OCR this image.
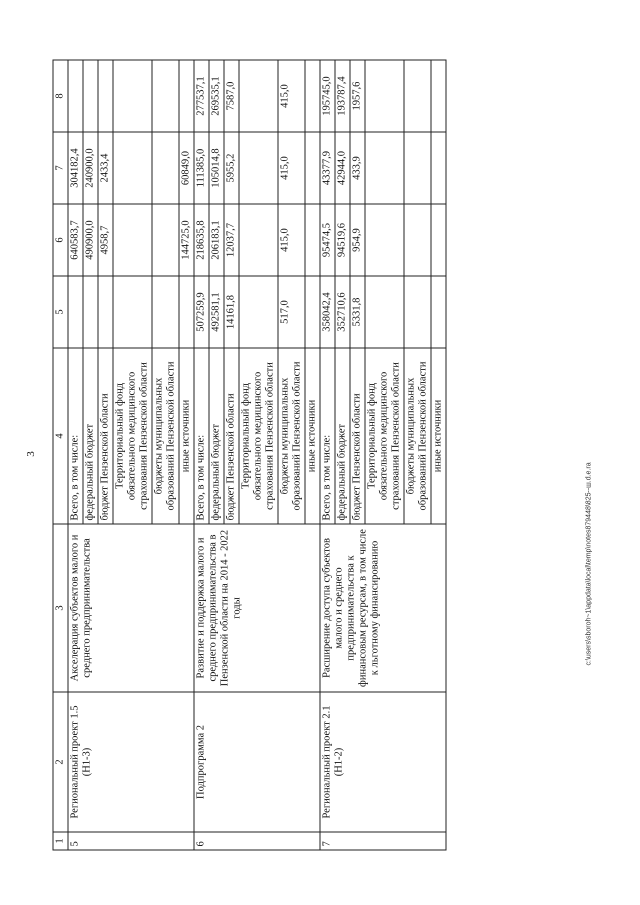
3
1	2	3	4	5	6	7	8
5	Региональный проект 1.5 (Н1-3)	Акселерация субъектов малого и среднего предпринимательства	Всего, в том числе:		640583,7	304182,4	
			федеральный бюджет		490900,0	240900,0	
			бюджет Пензенской области		4958,7	2433,4	
			Территориальный фонд обязательного медицинского страхования Пензенской области				
			бюджеты муниципальных образований Пензенской области				
			иные источники		144725,0	60849,0	
6	Подпрограмма 2	Развитие и поддержка малого и среднего предпринимательства в Пензенской области на 2014 - 2022 годы	Всего, в том числе:	507259,9	218635,8	111385,0	277537,1
			федеральный бюджет	492581,1	206183,1	105014,8	269535,1
			бюджет Пензенской области	14161,8	12037,7	5955,2	7587,0
			Территориальный фонд обязательного медицинского страхования Пензенской области				
			бюджеты муниципальных образований Пензенской области	517,0	415,0	415,0	415,0
			иные источники				
7	Региональный проект 2.1 (Н1-2)	Расширение доступа субъектов малого и среднего предпринимательства к финансовым ресурсам, в том числе к льготному финансированию	Всего, в том числе:	358042,4	95474,5	43377,9	195745,0
			федеральный бюджет	352710,6	94519,6	42944,0	193787,4
			бюджет Пензенской области	5331,8	954,9	433,9	1957,6
			Территориальный фонд обязательного медицинского страхования Пензенской области				
			бюджеты муниципальных образований Пензенской области				
			иные источники				
c:\users\sboroh~1\appdata\local\temp\notes879448\825--ш.d.e.ra
